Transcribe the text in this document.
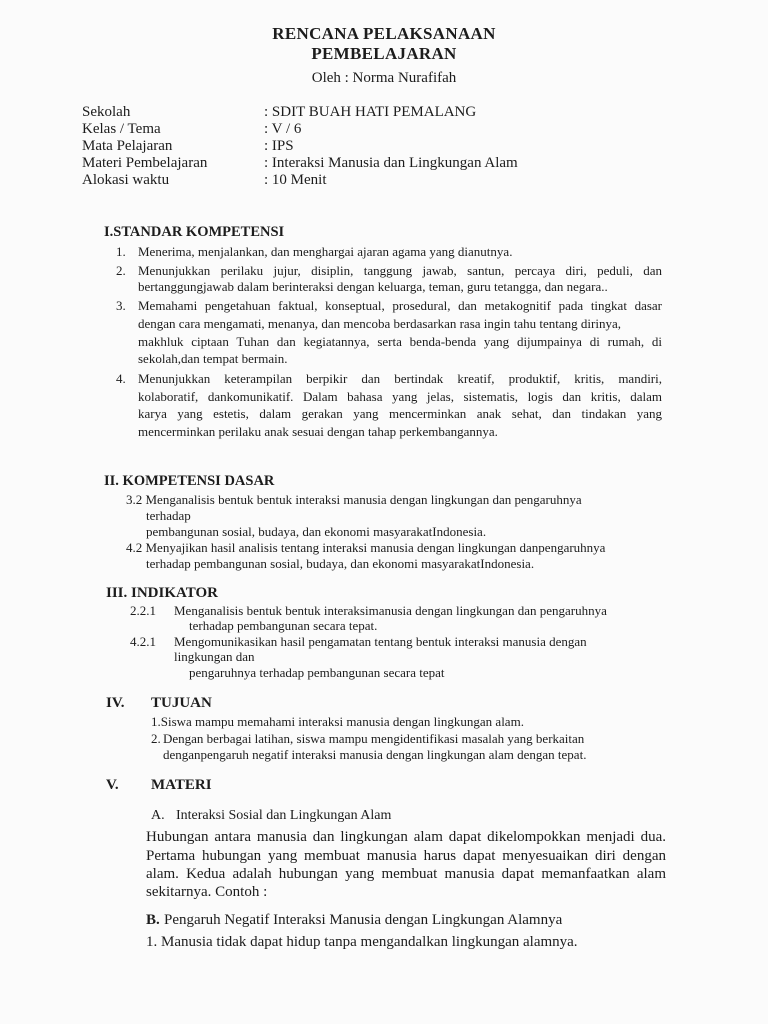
RENCANA PELAKSANAAN
PEMBELAJARAN
Oleh : Norma Nurafifah
Sekolah	: SDIT BUAH HATI PEMALANG
Kelas / Tema	: V / 6
Mata Pelajaran	: IPS
Materi Pembelajaran	: Interaksi Manusia dan Lingkungan Alam
Alokasi waktu	: 10 Menit
I.STANDAR KOMPETENSI
1. Menerima, menjalankan, dan menghargai ajaran agama yang dianutnya.
2. Menunjukkan perilaku jujur, disiplin, tanggung jawab, santun, percaya diri, peduli, dan
bertanggungjawab dalam berinteraksi dengan keluarga, teman, guru tetangga, dan negara..
3. Memahami pengetahuan faktual, konseptual, prosedural, dan metakognitif pada tingkat dasar
dengan cara mengamati, menanya, dan mencoba berdasarkan rasa ingin tahu tentang dirinya,
makhluk ciptaan Tuhan dan kegiatannya, serta benda-benda yang dijumpainya di rumah, di
sekolah,dan tempat bermain.
4. Menunjukkan keterampilan berpikir dan bertindak kreatif, produktif, kritis, mandiri,
kolaboratif, dankomunikatif. Dalam bahasa yang jelas, sistematis, logis dan kritis, dalam
karya yang estetis, dalam gerakan yang mencerminkan anak sehat, dan tindakan yang
mencerminkan perilaku anak sesuai dengan tahap perkembangannya.
II. KOMPETENSI DASAR
3.2 Menganalisis bentuk bentuk interaksi manusia dengan lingkungan dan pengaruhnya
terhadap
pembangunan sosial, budaya, dan ekonomi masyarakatIndonesia.
4.2 Menyajikan hasil analisis tentang interaksi manusia dengan lingkungan danpengaruhnya
terhadap pembangunan sosial, budaya, dan ekonomi masyarakatIndonesia.
III. INDIKATOR
2.2.1 Menganalisis bentuk bentuk interaksimanusia dengan lingkungan dan pengaruhnya
terhadap pembangunan secara tepat.
4.2.1 Mengomunikasikan hasil pengamatan tentang bentuk interaksi manusia dengan
lingkungan dan
pengaruhnya terhadap pembangunan secara tepat
IV. TUJUAN
1.Siswa mampu memahami interaksi manusia dengan lingkungan alam.
2. Dengan berbagai latihan, siswa mampu mengidentifikasi masalah yang berkaitan
denganpengaruh negatif interaksi manusia dengan lingkungan alam dengan tepat.
V. MATERI
A. Interaksi Sosial dan Lingkungan Alam
Hubungan antara manusia dan lingkungan alam dapat dikelompokkan menjadi dua.
Pertama hubungan yang membuat manusia harus dapat menyesuaikan diri dengan
alam. Kedua adalah hubungan yang membuat manusia dapat memanfaatkan alam
sekitarnya. Contoh :
B. Pengaruh Negatif Interaksi Manusia dengan Lingkungan Alamnya
1. Manusia tidak dapat hidup tanpa mengandalkan lingkungan alamnya.
